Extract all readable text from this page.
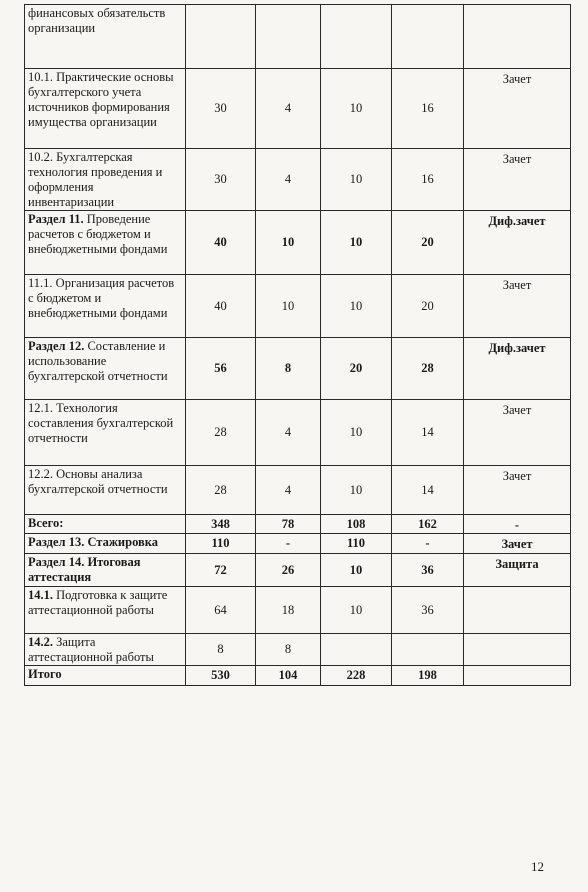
финансовых обязательств организации					
10.1. Практические основы бухгалтерского учета источников формирования имущества организации	30	4	10	16	Зачет
10.2. Бухгалтерская технология проведения и оформления инвентаризации	30	4	10	16	Зачет
Раздел 11. Проведение расчетов с бюджетом и внебюджетными фондами	40	10	10	20	Диф.зачет
11.1. Организация расчетов с бюджетом и внебюджетными фондами	40	10	10	20	Зачет
Раздел 12. Составление и использование бухгалтерской отчетности	56	8	20	28	Диф.зачет
12.1. Технология составления бухгалтерской отчетности	28	4	10	14	Зачет
12.2. Основы анализа бухгалтерской отчетности	28	4	10	14	Зачет
Всего:	348	78	108	162	-
Раздел 13. Стажировка	110	-	110	-	Зачет
Раздел 14. Итоговая аттестация	72	26	10	36	Защита
14.1. Подготовка к защите аттестационной работы	64	18	10	36	
14.2. Защита аттестационной работы	8	8			
Итого	530	104	228	198	
12
